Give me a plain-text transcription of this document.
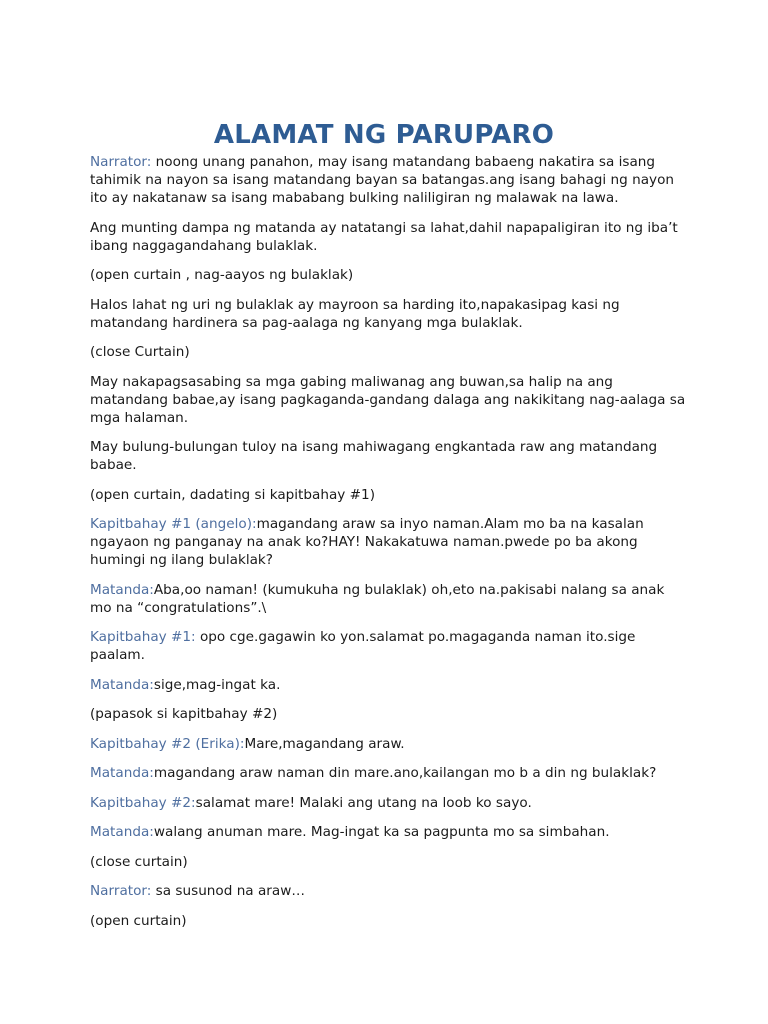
ALAMAT NG PARUPARO

Narrator: noong unang panahon, may isang matandang babaeng nakatira sa isang tahimik na nayon sa isang matandang bayan sa batangas.ang isang bahagi ng nayon ito ay nakatanaw sa isang mababang bulking naliligiran ng malawak na lawa.

Ang munting dampa ng matanda ay natatangi sa lahat,dahil napapaligiran ito ng iba’t ibang naggagandahang bulaklak.

(open curtain , nag-aayos ng bulaklak)

Halos lahat ng uri ng bulaklak ay mayroon sa harding ito,napakasipag kasi ng matandang hardinera sa pag-aalaga ng kanyang mga bulaklak.

(close Curtain)

May nakapagsasabing sa mga gabing maliwanag ang buwan,sa halip na ang matandang babae,ay isang pagkaganda-gandang dalaga ang nakikitang nag-aalaga sa mga halaman.

May bulung-bulungan tuloy na isang mahiwagang engkantada raw ang matandang babae.

(open curtain, dadating si kapitbahay #1)

Kapitbahay #1 (angelo):magandang araw sa inyo naman.Alam mo ba na kasalan ngayaon ng panganay na anak ko?HAY! Nakakatuwa naman.pwede po ba akong humingi ng ilang bulaklak?

Matanda:Aba,oo naman! (kumukuha ng bulaklak) oh,eto na.pakisabi nalang sa anak mo na “congratulations”.\

Kapitbahay #1: opo cge.gagawin ko yon.salamat po.magaganda naman ito.sige paalam.

Matanda:sige,mag-ingat ka.

(papasok si kapitbahay #2)

Kapitbahay #2 (Erika):Mare,magandang araw.

Matanda:magandang araw naman din mare.ano,kailangan mo b a din ng bulaklak?

Kapitbahay #2:salamat mare! Malaki ang utang na loob ko sayo.

Matanda:walang anuman mare. Mag-ingat ka sa pagpunta mo sa simbahan.

(close curtain)

Narrator: sa susunod na araw…

(open curtain)
